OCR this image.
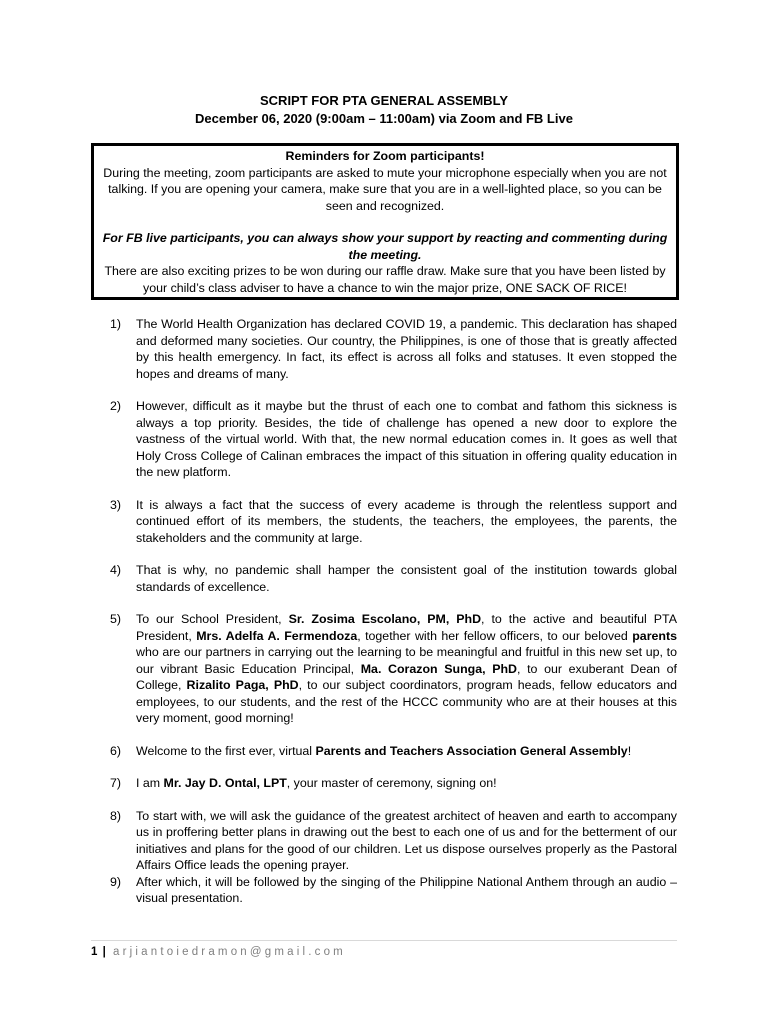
SCRIPT FOR PTA GENERAL ASSEMBLY
December 06, 2020 (9:00am – 11:00am) via Zoom and FB Live
Reminders for Zoom participants!
During the meeting, zoom participants are asked to mute your microphone especially when you are not talking. If you are opening your camera, make sure that you are in a well-lighted place, so you can be seen and recognized.
For FB live participants, you can always show your support by reacting and commenting during the meeting.
There are also exciting prizes to be won during our raffle draw. Make sure that you have been listed by your child’s class adviser to have a chance to win the major prize, ONE SACK OF RICE!
1) The World Health Organization has declared COVID 19, a pandemic. This declaration has shaped and deformed many societies. Our country, the Philippines, is one of those that is greatly affected by this health emergency. In fact, its effect is across all folks and statuses. It even stopped the hopes and dreams of many.
2) However, difficult as it maybe but the thrust of each one to combat and fathom this sickness is always a top priority. Besides, the tide of challenge has opened a new door to explore the vastness of the virtual world. With that, the new normal education comes in. It goes as well that Holy Cross College of Calinan embraces the impact of this situation in offering quality education in the new platform.
3) It is always a fact that the success of every academe is through the relentless support and continued effort of its members, the students, the teachers, the employees, the parents, the stakeholders and the community at large.
4) That is why, no pandemic shall hamper the consistent goal of the institution towards global standards of excellence.
5) To our School President, Sr. Zosima Escolano, PM, PhD, to the active and beautiful PTA President, Mrs. Adelfa A. Fermendoza, together with her fellow officers, to our beloved parents who are our partners in carrying out the learning to be meaningful and fruitful in this new set up, to our vibrant Basic Education Principal, Ma. Corazon Sunga, PhD, to our exuberant Dean of College, Rizalito Paga, PhD, to our subject coordinators, program heads, fellow educators and employees, to our students, and the rest of the HCCC community who are at their houses at this very moment, good morning!
6) Welcome to the first ever, virtual Parents and Teachers Association General Assembly!
7) I am Mr. Jay D. Ontal, LPT, your master of ceremony, signing on!
8) To start with, we will ask the guidance of the greatest architect of heaven and earth to accompany us in proffering better plans in drawing out the best to each one of us and for the betterment of our initiatives and plans for the good of our children. Let us dispose ourselves properly as the Pastoral Affairs Office leads the opening prayer.
9) After which, it will be followed by the singing of the Philippine National Anthem through an audio – visual presentation.
1 | arjiantoiedramon@gmail.com
